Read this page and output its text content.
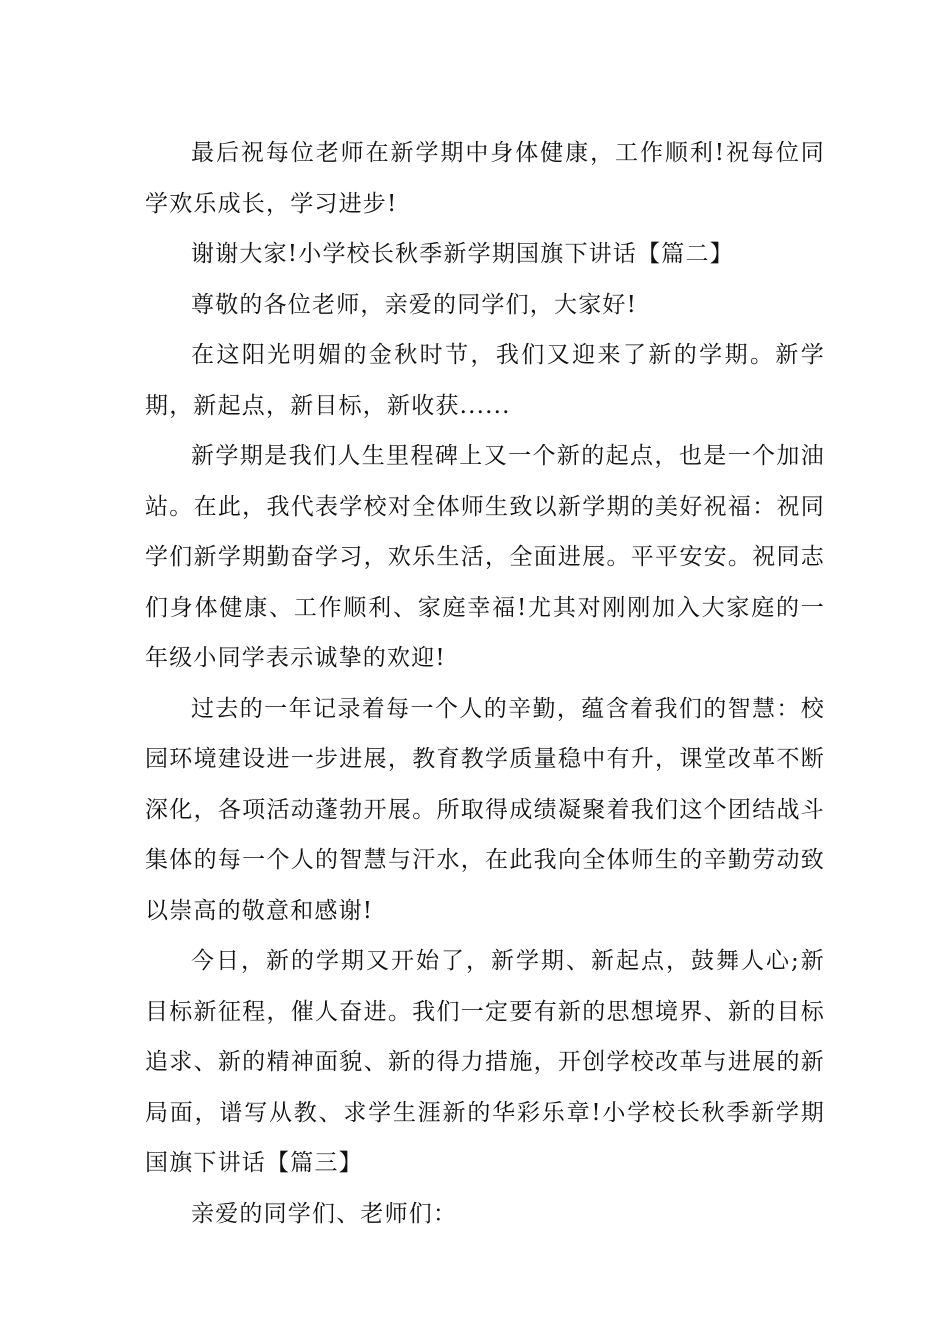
最后祝每位老师在新学期中身体健康，工作顺利!祝每位同学欢乐成长，学习进步!

谢谢大家!小学校长秋季新学期国旗下讲话【篇二】

尊敬的各位老师，亲爱的同学们，大家好!

在这阳光明媚的金秋时节，我们又迎来了新的学期。新学期，新起点，新目标，新收获......

新学期是我们人生里程碑上又一个新的起点，也是一个加油站。在此，我代表学校对全体师生致以新学期的美好祝福：祝同学们新学期勤奋学习，欢乐生活，全面进展。平平安安。祝同志们身体健康、工作顺利、家庭幸福!尤其对刚刚加入大家庭的一年级小同学表示诚挚的欢迎!

过去的一年记录着每一个人的辛勤，蕴含着我们的智慧：校园环境建设进一步进展，教育教学质量稳中有升，课堂改革不断深化，各项活动蓬勃开展。所取得成绩凝聚着我们这个团结战斗集体的每一个人的智慧与汗水，在此我向全体师生的辛勤劳动致以崇高的敬意和感谢!

今日，新的学期又开始了，新学期、新起点，鼓舞人心;新目标新征程，催人奋进。我们一定要有新的思想境界、新的目标追求、新的精神面貌、新的得力措施，开创学校改革与进展的新局面，谱写从教、求学生涯新的华彩乐章!小学校长秋季新学期国旗下讲话【篇三】

亲爱的同学们、老师们：
